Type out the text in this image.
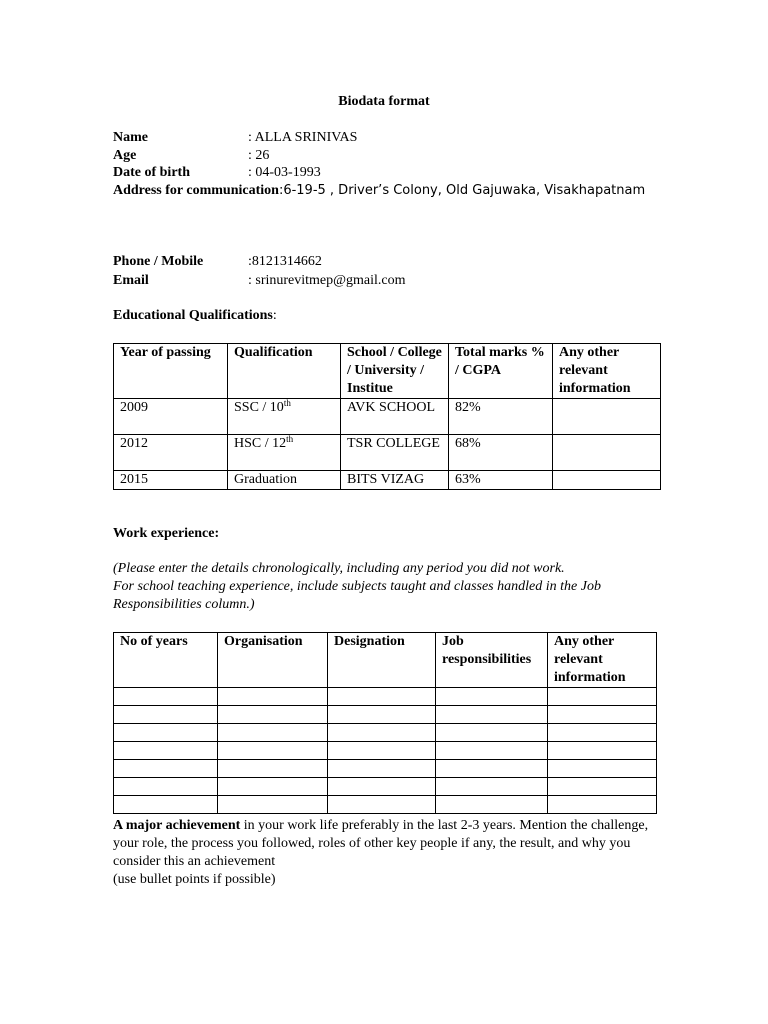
Biodata format
Name	: ALLA SRINIVAS
Age	: 26
Date of birth	: 04-03-1993
Address for communication:6-19-5 , Driver’s Colony, Old Gajuwaka, Visakhapatnam
Phone / Mobile	:8121314662
Email	: srinurevitmep@gmail.com
Educational Qualifications:
Year of passing	Qualification	School / College / University / Institue	Total marks % / CGPA	Any other relevant information
2009	SSC / 10th	AVK SCHOOL	82%	
2012	HSC / 12th	TSR COLLEGE	68%	
2015	Graduation	BITS VIZAG	63%	
Work experience:
(Please enter the details chronologically, including any period you did not work.
For school teaching experience, include subjects taught and classes handled in the Job Responsibilities column.)
No of years	Organisation	Designation	Job responsibilities	Any other relevant information

A major achievement in your work life preferably in the last 2-3 years. Mention the challenge, your role, the process you followed, roles of other key people if any, the result, and why you consider this an achievement
(use bullet points if possible)
